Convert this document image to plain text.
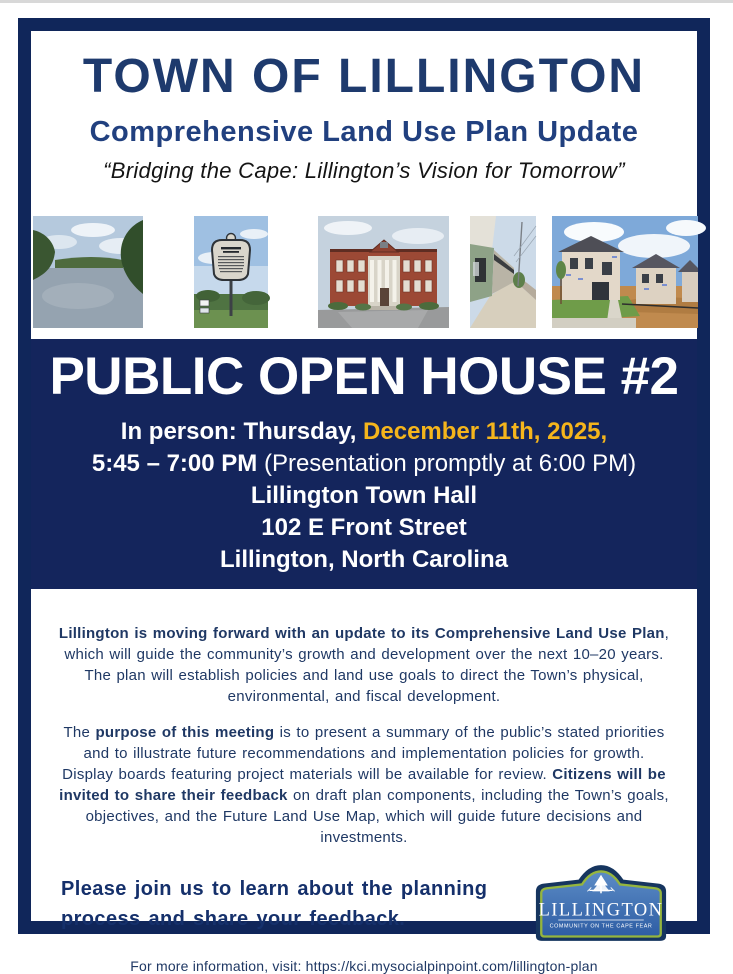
TOWN OF LILLINGTON
Comprehensive Land Use Plan Update
“Bridging the Cape: Lillington’s Vision for Tomorrow”
PUBLIC OPEN HOUSE #2
In person: Thursday, December 11th, 2025,
5:45 – 7:00 PM (Presentation promptly at 6:00 PM)
Lillington Town Hall
102 E Front Street
Lillington, North Carolina

Lillington is moving forward with an update to its Comprehensive Land Use Plan, which will guide the community’s growth and development over the next 10–20 years. The plan will establish policies and land use goals to direct the Town’s physical, environmental, and fiscal development.

The purpose of this meeting is to present a summary of the public’s stated priorities and to illustrate future recommendations and implementation policies for growth. Display boards featuring project materials will be available for review. Citizens will be invited to share their feedback on draft plan components, including the Town’s goals, objectives, and the Future Land Use Map, which will guide future decisions and investments.

Please join us to learn about the planning process and share your feedback.	LILLINGTON
COMMUNITY ON THE CAPE FEAR
For more information, visit: https://kci.mysocialpinpoint.com/lillington-plan
